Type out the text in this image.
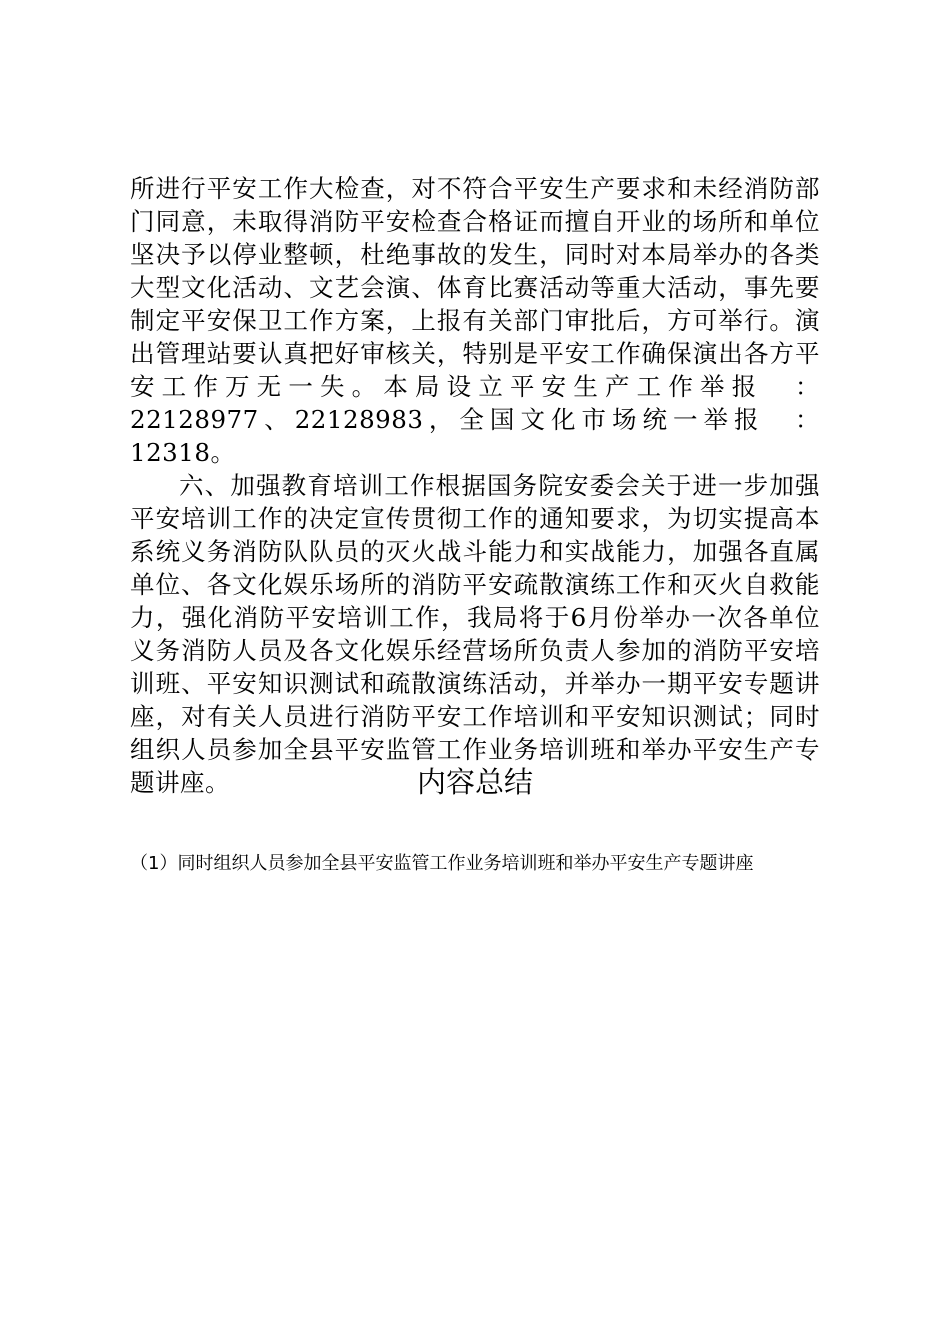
所进行平安工作大检查，对不符合平安生产要求和未经消防部门同意，未取得消防平安检查合格证而擅自开业的场所和单位坚决予以停业整顿，杜绝事故的发生，同时对本局举办的各类大型文化活动、文艺会演、体育比赛活动等重大活动，事先要制定平安保卫工作方案，上报有关部门审批后，方可举行。演出管理站要认真把好审核关，特别是平安工作确保演出各方平安工作万无一失。本局设立平安生产工作举报　：22128977、22128983，全国文化市场统一举报　：12318。

六、加强教育培训工作根据国务院安委会关于进一步加强平安培训工作的决定宣传贯彻工作的通知要求，为切实提高本系统义务消防队队员的灭火战斗能力和实战能力，加强各直属单位、各文化娱乐场所的消防平安疏散演练工作和灭火自救能力，强化消防平安培训工作，我局将于6月份举办一次各单位义务消防人员及各文化娱乐经营场所负责人参加的消防平安培训班、平安知识测试和疏散演练活动，并举办一期平安专题讲座，对有关人员进行消防平安工作培训和平安知识测试；同时组织人员参加全县平安监管工作业务培训班和举办平安生产专题讲座。	内容总结
（1）同时组织人员参加全县平安监管工作业务培训班和举办平安生产专题讲座
